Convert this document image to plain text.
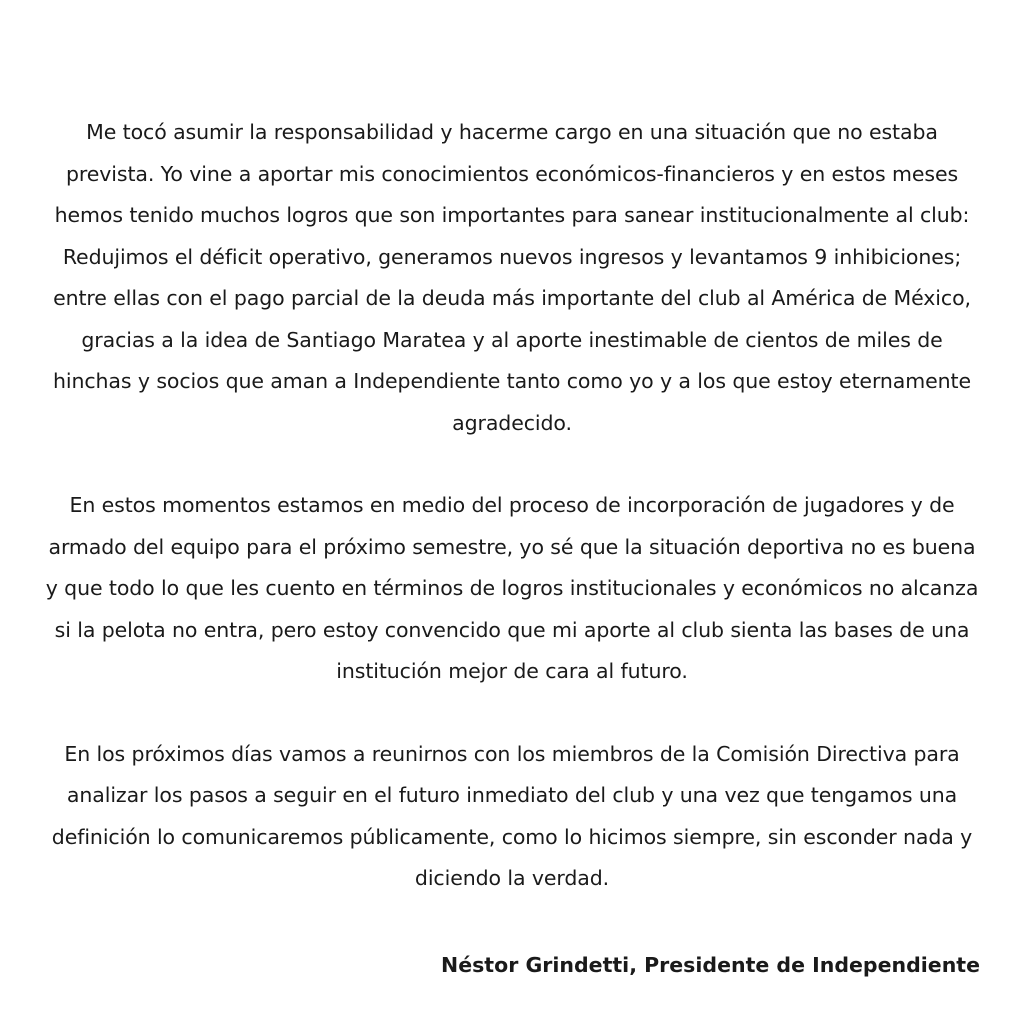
Me tocó asumir la responsabilidad y hacerme cargo en una situación que no estaba prevista. Yo vine a aportar mis conocimientos económicos-financieros y en estos meses hemos tenido muchos logros que son importantes para sanear institucionalmente al club: Redujimos el déficit operativo, generamos nuevos ingresos y levantamos 9 inhibiciones; entre ellas con el pago parcial de la deuda más importante del club al América de México, gracias a la idea de Santiago Maratea y al aporte inestimable de cientos de miles de hinchas y socios que aman a Independiente tanto como yo y a los que estoy eternamente agradecido.

En estos momentos estamos en medio del proceso de incorporación de jugadores y de armado del equipo para el próximo semestre, yo sé que la situación deportiva no es buena y que todo lo que les cuento en términos de logros institucionales y económicos no alcanza si la pelota no entra, pero estoy convencido que mi aporte al club sienta las bases de una institución mejor de cara al futuro.

En los próximos días vamos a reunirnos con los miembros de la Comisión Directiva para analizar los pasos a seguir en el futuro inmediato del club y una vez que tengamos una definición lo comunicaremos públicamente, como lo hicimos siempre, sin esconder nada y diciendo la verdad.

Néstor Grindetti, Presidente de Independiente
